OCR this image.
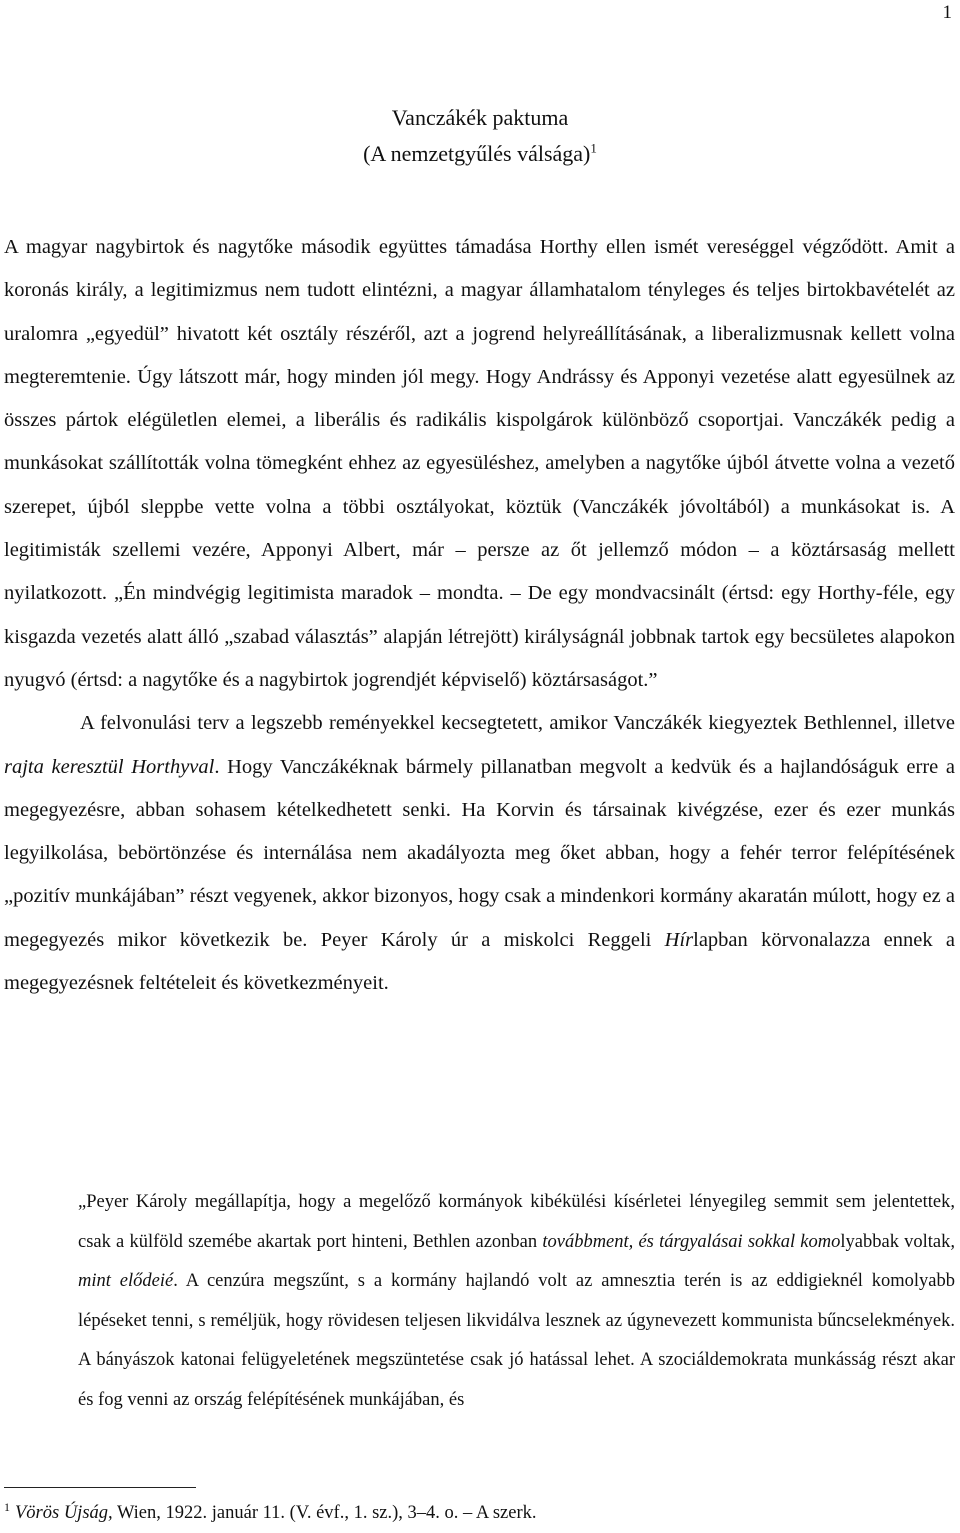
1
Vanczákék paktuma
(A nemzetgyűlés válsága)$^1$

A magyar nagybirtok és nagytőke második együttes támadása Horthy ellen ismét vereséggel végződött. Amit a koronás király, a legitimizmus nem tudott elintézni, a magyar államhatalom tényleges és teljes birtokbavételét az uralomra „egyedül” hivatott két osztály részéről, azt a jogrend helyreállításának, a liberalizmusnak kellett volna megteremtenie. Úgy látszott már, hogy minden jól megy. Hogy Andrássy és Apponyi vezetése alatt egyesülnek az összes pártok elégületlen elemei, a liberális és radikális kispolgárok különböző csoportjai. Vanczákék pedig a munkásokat szállították volna tömegként ehhez az egyesüléshez, amelyben a nagytőke újból átvette volna a vezető szerepet, újból sleppbe vette volna a többi osztályokat, köztük (Vanczákék jóvoltából) a munkásokat is. A legitimisták szellemi vezére, Apponyi Albert, már – persze az őt jellemző módon – a köztársaság mellett nyilatkozott. „Én mindvégig legitimista maradok – mondta. – De egy mondvacsinált (értsd: egy Horthy-féle, egy kisgazda vezetés alatt álló „szabad választás” alapján létrejött) királyságnál jobbnak tartok egy becsületes alapokon nyugvó (értsd: a nagytőke és a nagybirtok jogrendjét képviselő) köztársaságot.”

A felvonulási terv a legszebb reményekkel kecsegtetett, amikor Vanczákék kiegyeztek Bethlennel, illetve rajta keresztül Horthyval. Hogy Vanczákéknak bármely pillanatban megvolt a kedvük és a hajlandóságuk erre a megegyezésre, abban sohasem kételkedhetett senki. Ha Korvin és társainak kivégzése, ezer és ezer munkás legyilkolása, bebörtönzése és internálása nem akadályozta meg őket abban, hogy a fehér terror felépítésének „pozitív munkájában” részt vegyenek, akkor bizonyos, hogy csak a mindenkori kormány akaratán múlott, hogy ez a megegyezés mikor következik be. Peyer Károly úr a miskolci Reggeli Hírlapban körvonalazza ennek a megegyezésnek feltételeit és következményeit.

„Peyer Károly megállapítja, hogy a megelőző kormányok kibékülési kísérletei lényegileg semmit sem jelentettek, csak a külföld szemébe akartak port hinteni, Bethlen azonban továbbment, és tárgyalásai sokkal komolyabbak voltak, mint elődeié. A cenzúra megszűnt, s a kormány hajlandó volt az amnesztia terén is az eddigieknél komolyabb lépéseket tenni, s reméljük, hogy rövidesen teljesen likvidálva lesznek az úgynevezett kommunista bűncselekmények. A bányászok katonai felügyeletének megszüntetése csak jó hatással lehet. A szociáldemokrata munkásság részt akar és fog venni az ország felépítésének munkájában, és
$^1$ Vörös Újság, Wien, 1922. január 11. (V. évf., 1. sz.), 3–4. o. – A szerk.
